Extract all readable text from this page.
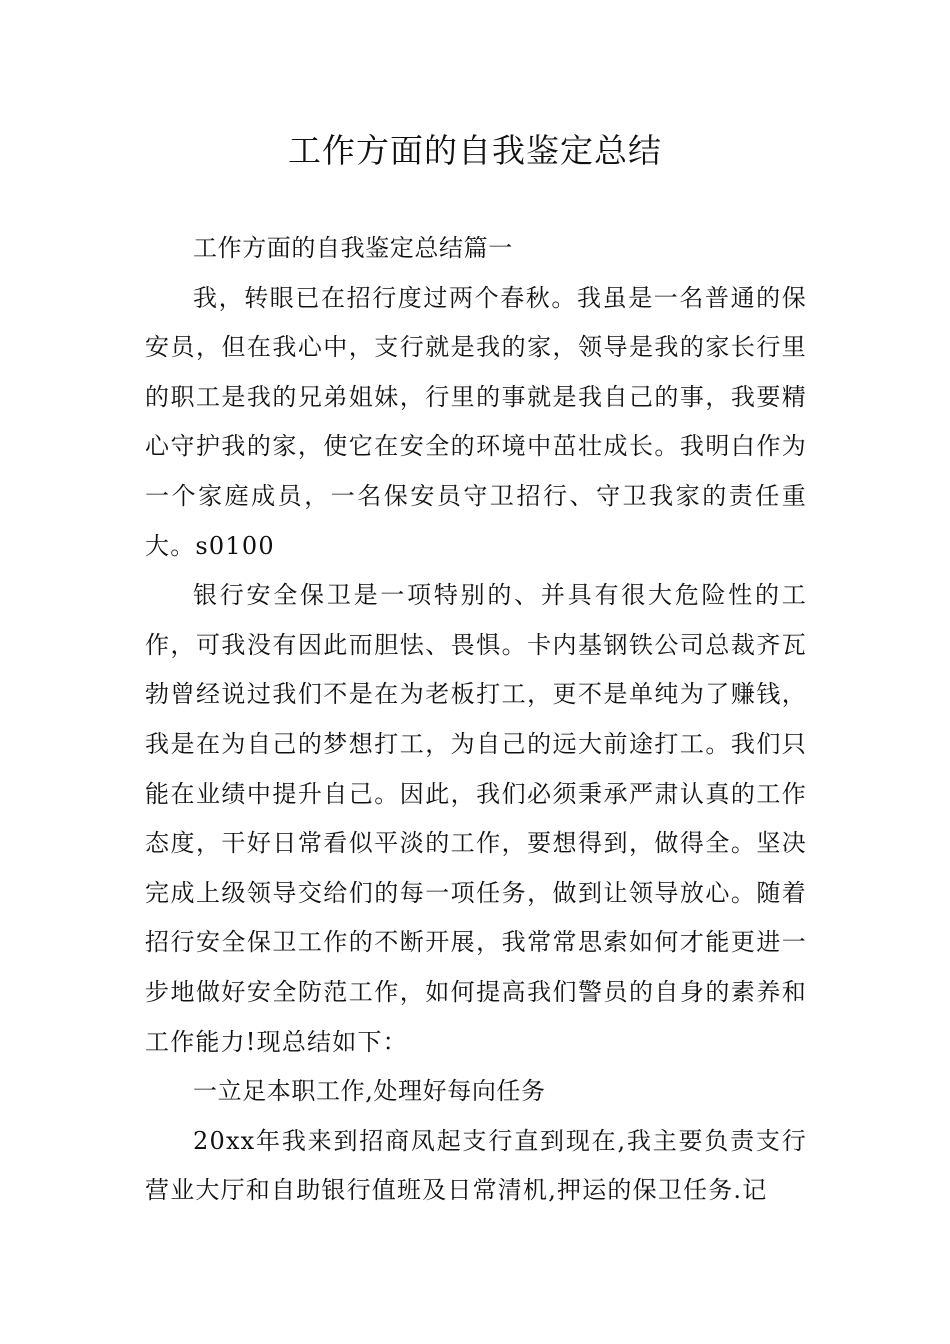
工作方面的自我鉴定总结

工作方面的自我鉴定总结篇一

我，转眼已在招行度过两个春秋。我虽是一名普通的保安员，但在我心中，支行就是我的家，领导是我的家长行里的职工是我的兄弟姐妹，行里的事就是我自己的事，我要精心守护我的家，使它在安全的环境中茁壮成长。我明白作为一个家庭成员，一名保安员守卫招行、守卫我家的责任重大。s0100

银行安全保卫是一项特别的、并具有很大危险性的工作，可我没有因此而胆怯、畏惧。卡内基钢铁公司总裁齐瓦勃曾经说过我们不是在为老板打工，更不是单纯为了赚钱，我是在为自己的梦想打工，为自己的远大前途打工。我们只能在业绩中提升自己。因此，我们必须秉承严肃认真的工作态度，干好日常看似平淡的工作，要想得到，做得全。坚决完成上级领导交给们的每一项任务，做到让领导放心。随着招行安全保卫工作的不断开展，我常常思索如何才能更进一步地做好安全防范工作，如何提高我们警员的自身的素养和工作能力!现总结如下：

一立足本职工作,处理好每向任务

20xx年我来到招商凤起支行直到现在,我主要负责支行营业大厅和自助银行值班及日常清机,押运的保卫任务.记
